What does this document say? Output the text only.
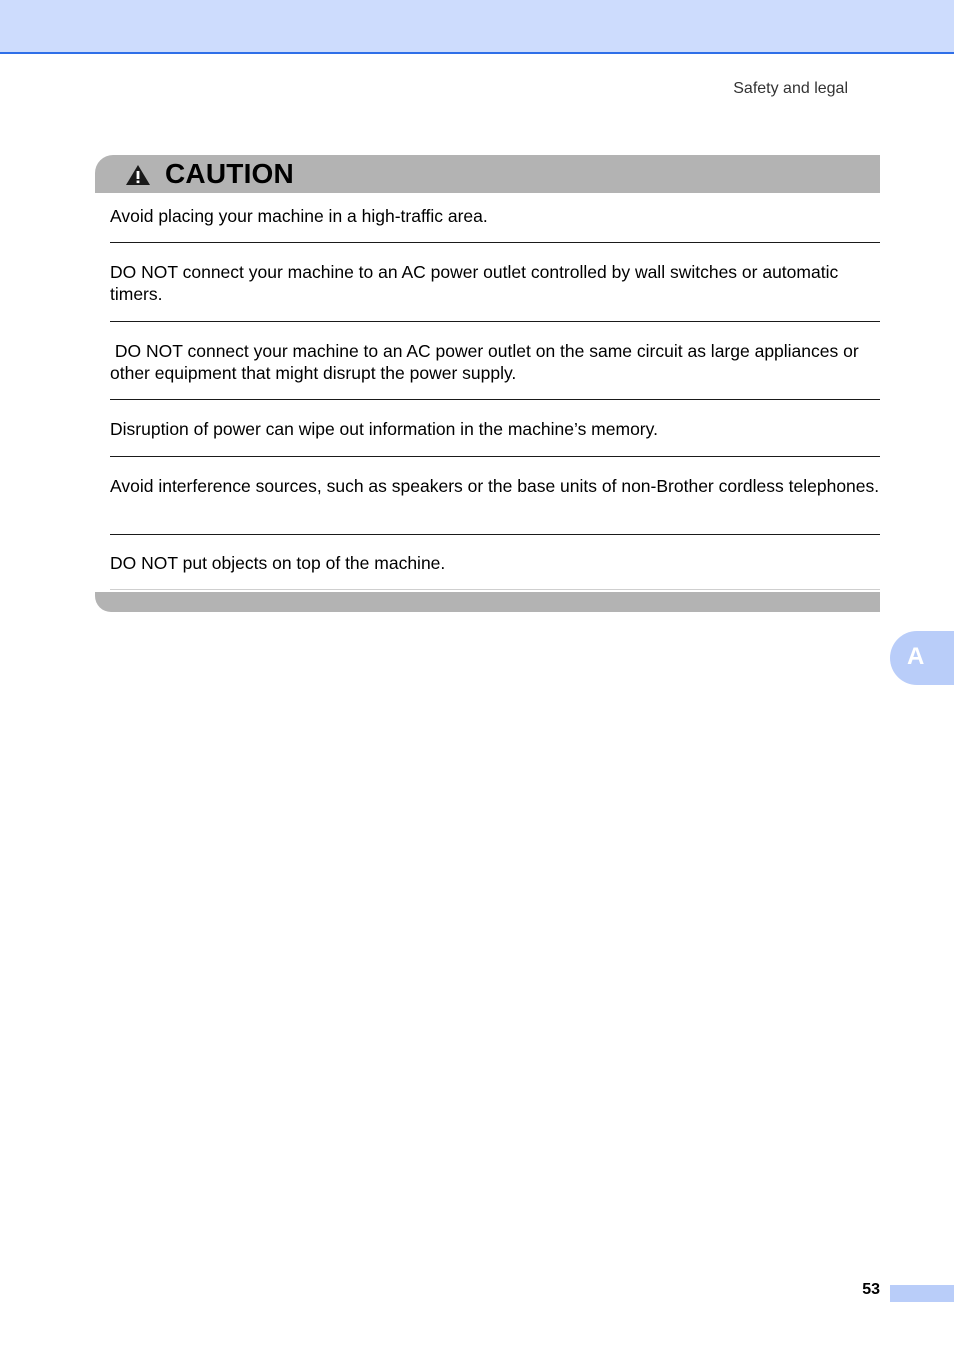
Safety and legal
CAUTION
Avoid placing your machine in a high-traffic area.
DO NOT connect your machine to an AC power outlet controlled by wall switches or automatic timers.
DO NOT connect your machine to an AC power outlet on the same circuit as large appliances or other equipment that might disrupt the power supply.
Disruption of power can wipe out information in the machine’s memory.
Avoid interference sources, such as speakers or the base units of non-Brother cordless telephones.
DO NOT put objects on top of the machine.
A
53
